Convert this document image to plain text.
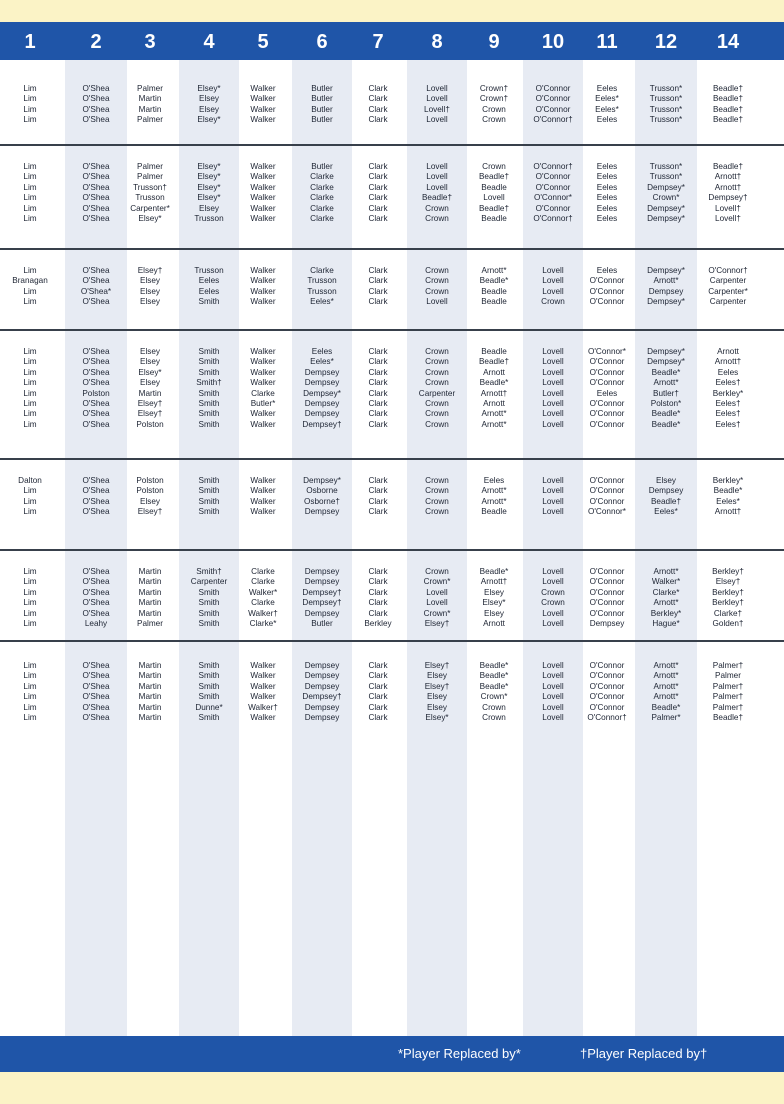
1	2	3	4	5	6	7	8	9	10	11	12	14
Lim	O'Shea	Palmer	Elsey*	Walker	Butler	Clark	Lovell	Crown†	O'Connor	Eeles	Trusson*	Beadle†
Lim	O'Shea	Martin	Elsey	Walker	Butler	Clark	Lovell	Crown†	O'Connor	Eeles*	Trusson*	Beadle†
Lim	O'Shea	Martin	Elsey	Walker	Butler	Clark	Lovell†	Crown	O'Connor	Eeles*	Trusson*	Beadle†
Lim	O'Shea	Palmer	Elsey*	Walker	Butler	Clark	Lovell	Crown	O'Connor†	Eeles	Trusson*	Beadle†
Lim	O'Shea	Palmer	Elsey*	Walker	Butler	Clark	Lovell	Crown	O'Connor†	Eeles	Trusson*	Beadle†
Lim	O'Shea	Palmer	Elsey*	Walker	Clarke	Clark	Lovell	Beadle†	O'Connor	Eeles	Trusson*	Arnott†
Lim	O'Shea	Trusson†	Elsey*	Walker	Clarke	Clark	Lovell	Beadle	O'Connor	Eeles	Dempsey*	Arnott†
Lim	O'Shea	Trusson	Elsey*	Walker	Clarke	Clark	Beadle†	Lovell	O'Connor*	Eeles	Crown*	Dempsey†
Lim	O'Shea	Carpenter*	Elsey	Walker	Clarke	Clark	Crown	Beadle†	O'Connor	Eeles	Dempsey*	Lovell†
Lim	O'Shea	Elsey*	Trusson	Walker	Clarke	Clark	Crown	Beadle	O'Connor†	Eeles	Dempsey*	Lovell†
Lim	O'Shea	Elsey†	Trusson	Walker	Clarke	Clark	Crown	Arnott*	Lovell	Eeles	Dempsey*	O'Connor†
Branagan	O'Shea	Elsey	Eeles	Walker	Trusson	Clark	Crown	Beadle*	Lovell	O'Connor	Arnott*	Carpenter
Lim	O'Shea*	Elsey	Eeles	Walker	Trusson	Clark	Crown	Beadle	Lovell	O'Connor	Dempsey	Carpenter*
Lim	O'Shea	Elsey	Smith	Walker	Eeles*	Clark	Lovell	Beadle	Crown	O'Connor	Dempsey*	Carpenter
Lim	O'Shea	Elsey	Smith	Walker	Eeles	Clark	Crown	Beadle	Lovell	O'Connor*	Dempsey*	Arnott
Lim	O'Shea	Elsey	Smith	Walker	Eeles*	Clark	Crown	Beadle†	Lovell	O'Connor	Dempsey*	Arnott†
Lim	O'Shea	Elsey*	Smith	Walker	Dempsey	Clark	Crown	Arnott	Lovell	O'Connor	Beadle*	Eeles
Lim	O'Shea	Elsey	Smith†	Walker	Dempsey	Clark	Crown	Beadle*	Lovell	O'Connor	Arnott*	Eeles†
Lim	Polston	Martin	Smith	Clarke	Dempsey*	Clark	Carpenter	Arnott†	Lovell	Eeles	Butler†	Berkley*
Lim	O'Shea	Elsey†	Smith	Butler*	Dempsey	Clark	Crown	Arnott	Lovell	O'Connor	Polston*	Eeles†
Lim	O'Shea	Elsey†	Smith	Walker	Dempsey	Clark	Crown	Arnott*	Lovell	O'Connor	Beadle*	Eeles†
Lim	O'Shea	Polston	Smith	Walker	Dempsey†	Clark	Crown	Arnott*	Lovell	O'Connor	Beadle*	Eeles†
Dalton	O'Shea	Polston	Smith	Walker	Dempsey*	Clark	Crown	Eeles	Lovell	O'Connor	Elsey	Berkley*
Lim	O'Shea	Polston	Smith	Walker	Osborne	Clark	Crown	Arnott*	Lovell	O'Connor	Dempsey	Beadle*
Lim	O'Shea	Elsey	Smith	Walker	Osborne†	Clark	Crown	Arnott*	Lovell	O'Connor	Beadle†	Eeles*
Lim	O'Shea	Elsey†	Smith	Walker	Dempsey	Clark	Crown	Beadle	Lovell	O'Connor*	Eeles*	Arnott†
Lim	O'Shea	Martin	Smith†	Clarke	Dempsey	Clark	Crown	Beadle*	Lovell	O'Connor	Arnott*	Berkley†
Lim	O'Shea	Martin	Carpenter	Clarke	Dempsey	Clark	Crown*	Arnott†	Lovell	O'Connor	Walker*	Elsey†
Lim	O'Shea	Martin	Smith	Walker*	Dempsey†	Clark	Lovell	Elsey	Crown	O'Connor	Clarke*	Berkley†
Lim	O'Shea	Martin	Smith	Clarke	Dempsey†	Clark	Lovell	Elsey*	Crown	O'Connor	Arnott*	Berkley†
Lim	O'Shea	Martin	Smith	Walker†	Dempsey	Clark	Crown*	Elsey	Lovell	O'Connor	Berkley*	Clarke†
Lim	Leahy	Palmer	Smith	Clarke*	Butler	Berkley	Elsey†	Arnott	Lovell	Dempsey	Hague*	Golden†
Lim	O'Shea	Martin	Smith	Walker	Dempsey	Clark	Elsey†	Beadle*	Lovell	O'Connor	Arnott*	Palmer†
Lim	O'Shea	Martin	Smith	Walker	Dempsey	Clark	Elsey	Beadle*	Lovell	O'Connor	Arnott*	Palmer
Lim	O'Shea	Martin	Smith	Walker	Dempsey	Clark	Elsey†	Beadle*	Lovell	O'Connor	Arnott*	Palmer†
Lim	O'Shea	Martin	Smith	Walker	Dempsey†	Clark	Elsey	Crown*	Lovell	O'Connor	Arnott*	Palmer†
Lim	O'Shea	Martin	Dunne*	Walker†	Dempsey	Clark	Elsey	Crown	Lovell	O'Connor	Beadle*	Palmer†
Lim	O'Shea	Martin	Smith	Walker	Dempsey	Clark	Elsey*	Crown	Lovell	O'Connor†	Palmer*	Beadle†
*Player Replaced by*	†Player Replaced by†
